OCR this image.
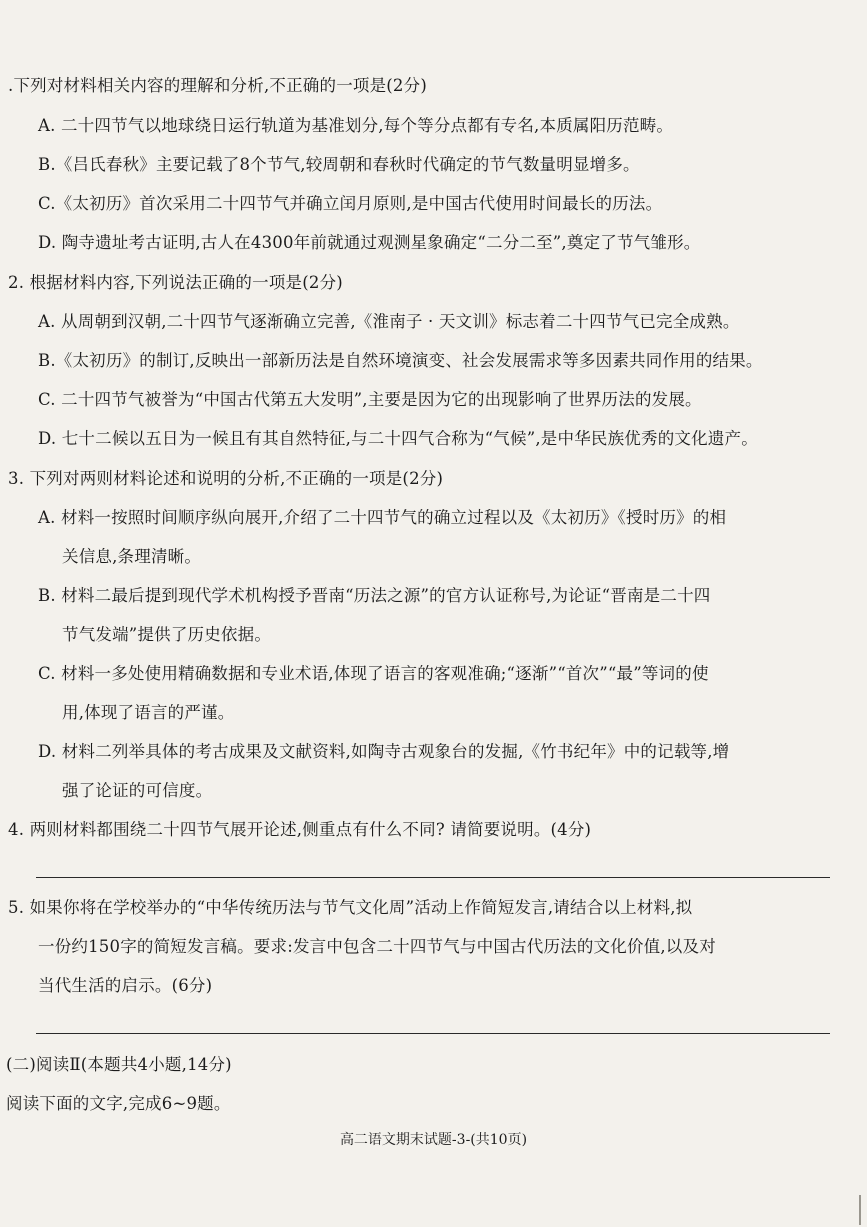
.下列对材料相关内容的理解和分析,不正确的一项是(2分)
A. 二十四节气以地球绕日运行轨道为基准划分,每个等分点都有专名,本质属阳历范畴。
B.《吕氏春秋》主要记载了8个节气,较周朝和春秋时代确定的节气数量明显增多。
C.《太初历》首次采用二十四节气并确立闰月原则,是中国古代使用时间最长的历法。
D. 陶寺遗址考古证明,古人在4300年前就通过观测星象确定“二分二至”,奠定了节气雏形。
2. 根据材料内容,下列说法正确的一项是(2分)
A. 从周朝到汉朝,二十四节气逐渐确立完善,《淮南子 · 天文训》标志着二十四节气已完全成熟。
B.《太初历》的制订,反映出一部新历法是自然环境演变、社会发展需求等多因素共同作用的结果。
C. 二十四节气被誉为“中国古代第五大发明”,主要是因为它的出现影响了世界历法的发展。
D. 七十二候以五日为一候且有其自然特征,与二十四气合称为“气候”,是中华民族优秀的文化遗产。
3. 下列对两则材料论述和说明的分析,不正确的一项是(2分)
A. 材料一按照时间顺序纵向展开,介绍了二十四节气的确立过程以及《太初历》《授时历》的相
关信息,条理清晰。
B. 材料二最后提到现代学术机构授予晋南“历法之源”的官方认证称号,为论证“晋南是二十四
节气发端”提供了历史依据。
C. 材料一多处使用精确数据和专业术语,体现了语言的客观准确;“逐渐”“首次”“最”等词的使
用,体现了语言的严谨。
D. 材料二列举具体的考古成果及文献资料,如陶寺古观象台的发掘,《竹书纪年》中的记载等,增
强了论证的可信度。
4. 两则材料都围绕二十四节气展开论述,侧重点有什么不同? 请简要说明。(4分)
5. 如果你将在学校举办的“中华传统历法与节气文化周”活动上作简短发言,请结合以上材料,拟
一份约150字的简短发言稿。要求:发言中包含二十四节气与中国古代历法的文化价值,以及对
当代生活的启示。(6分)
(二)阅读Ⅱ(本题共4小题,14分)
阅读下面的文字,完成6~9题。
高二语文期末试题-3-(共10页)
